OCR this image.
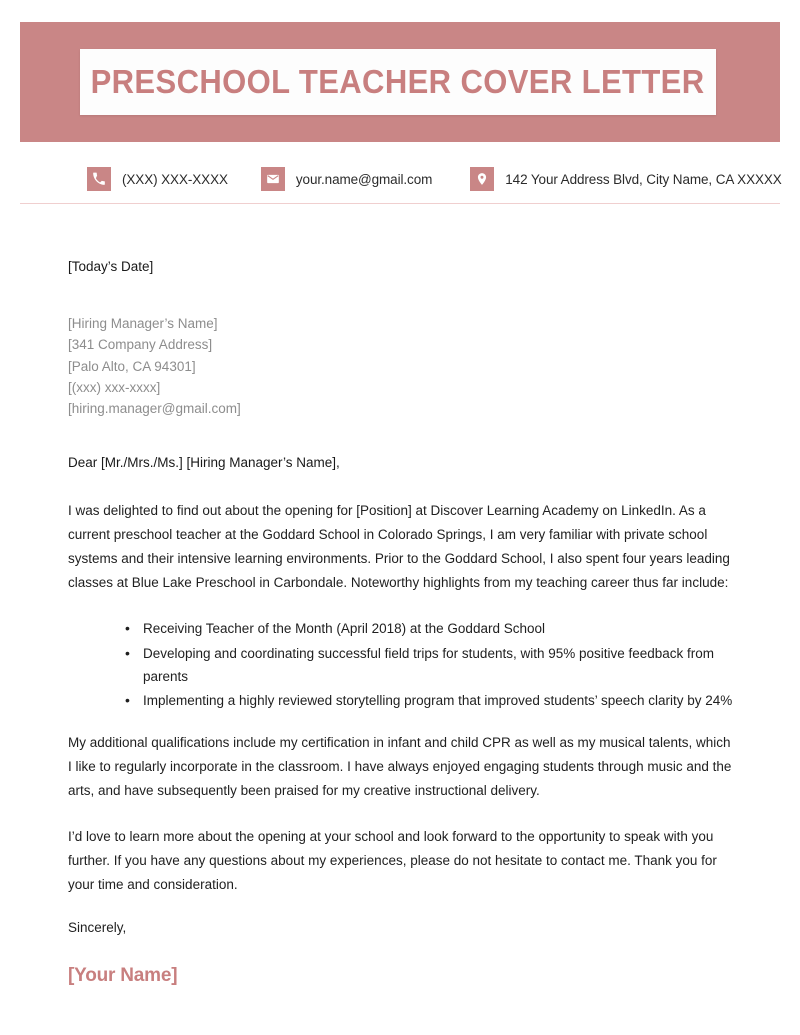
PRESCHOOL TEACHER COVER LETTER
(XXX) XXX-XXXX	your.name@gmail.com	142 Your Address Blvd, City Name, CA XXXXX

[Today’s Date]

[Hiring Manager’s Name]
[341 Company Address]
[Palo Alto, CA 94301]
[(xxx) xxx-xxxx]
[hiring.manager@gmail.com]

Dear [Mr./Mrs./Ms.] [Hiring Manager’s Name],

I was delighted to find out about the opening for [Position] at Discover Learning Academy on LinkedIn. As a current preschool teacher at the Goddard School in Colorado Springs, I am very familiar with private school systems and their intensive learning environments. Prior to the Goddard School, I also spent four years leading classes at Blue Lake Preschool in Carbondale. Noteworthy highlights from my teaching career thus far include:

• Receiving Teacher of the Month (April 2018) at the Goddard School
• Developing and coordinating successful field trips for students, with 95% positive feedback from parents
• Implementing a highly reviewed storytelling program that improved students’ speech clarity by 24%

My additional qualifications include my certification in infant and child CPR as well as my musical talents, which I like to regularly incorporate in the classroom. I have always enjoyed engaging students through music and the arts, and have subsequently been praised for my creative instructional delivery.

I’d love to learn more about the opening at your school and look forward to the opportunity to speak with you further. If you have any questions about my experiences, please do not hesitate to contact me. Thank you for your time and consideration.

Sincerely,

[Your Name]
